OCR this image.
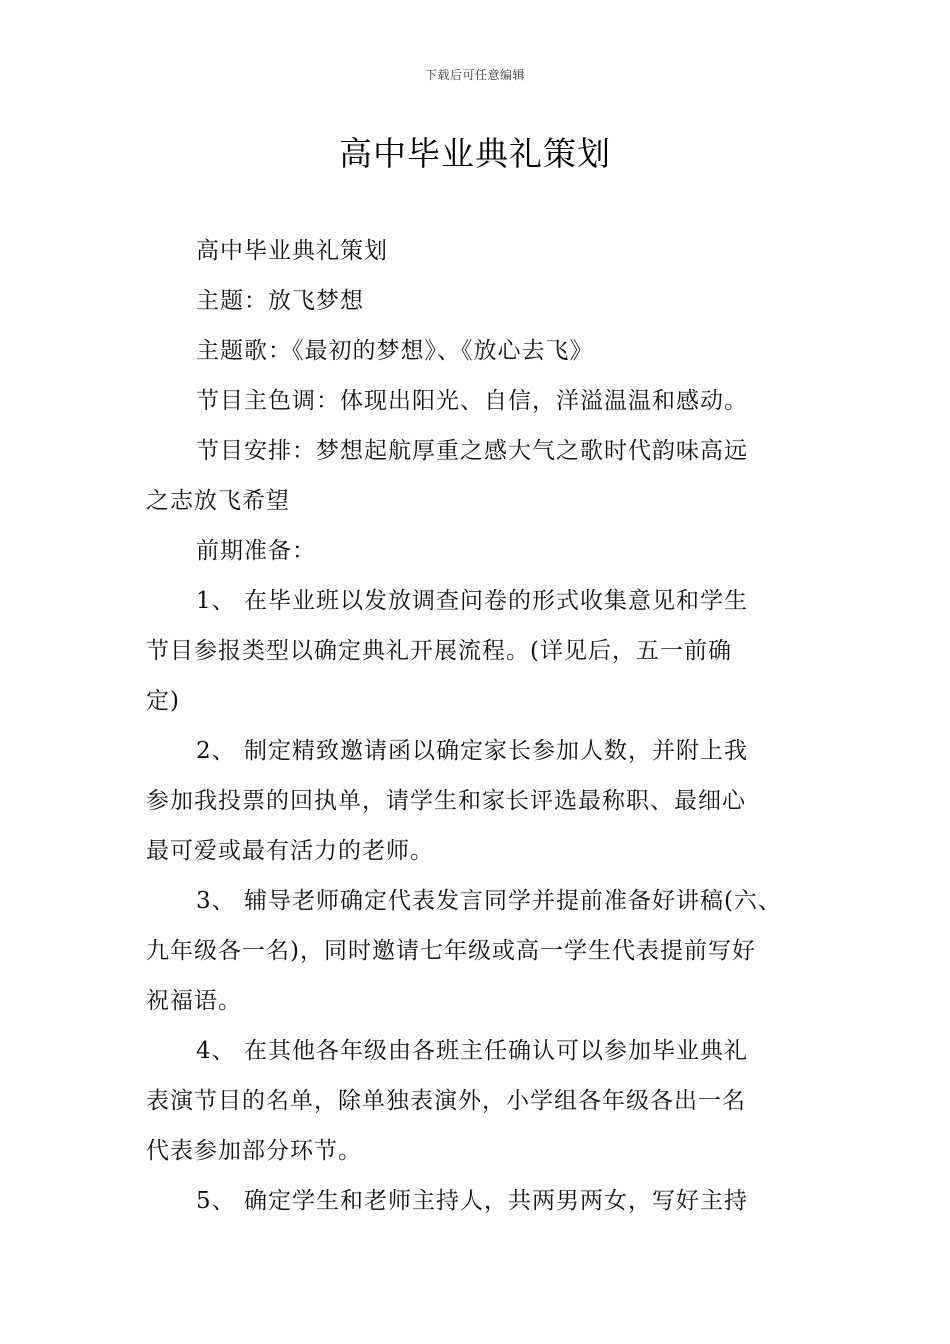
下载后可任意编辑
高中毕业典礼策划
高中毕业典礼策划
主题：放飞梦想
主题歌：《最初的梦想》、《放心去飞》
节目主色调：体现出阳光、自信，洋溢温温和感动。
节目安排：梦想起航厚重之感大气之歌时代韵味高远
之志放飞希望
前期准备：
1、 在毕业班以发放调查问卷的形式收集意见和学生
节目参报类型以确定典礼开展流程。(详见后，五一前确
定)
2、 制定精致邀请函以确定家长参加人数，并附上我
参加我投票的回执单，请学生和家长评选最称职、最细心
最可爱或最有活力的老师。
3、 辅导老师确定代表发言同学并提前准备好讲稿(六、
九年级各一名)，同时邀请七年级或高一学生代表提前写好
祝福语。
4、 在其他各年级由各班主任确认可以参加毕业典礼
表演节目的名单，除单独表演外，小学组各年级各出一名
代表参加部分环节。
5、 确定学生和老师主持人，共两男两女，写好主持
